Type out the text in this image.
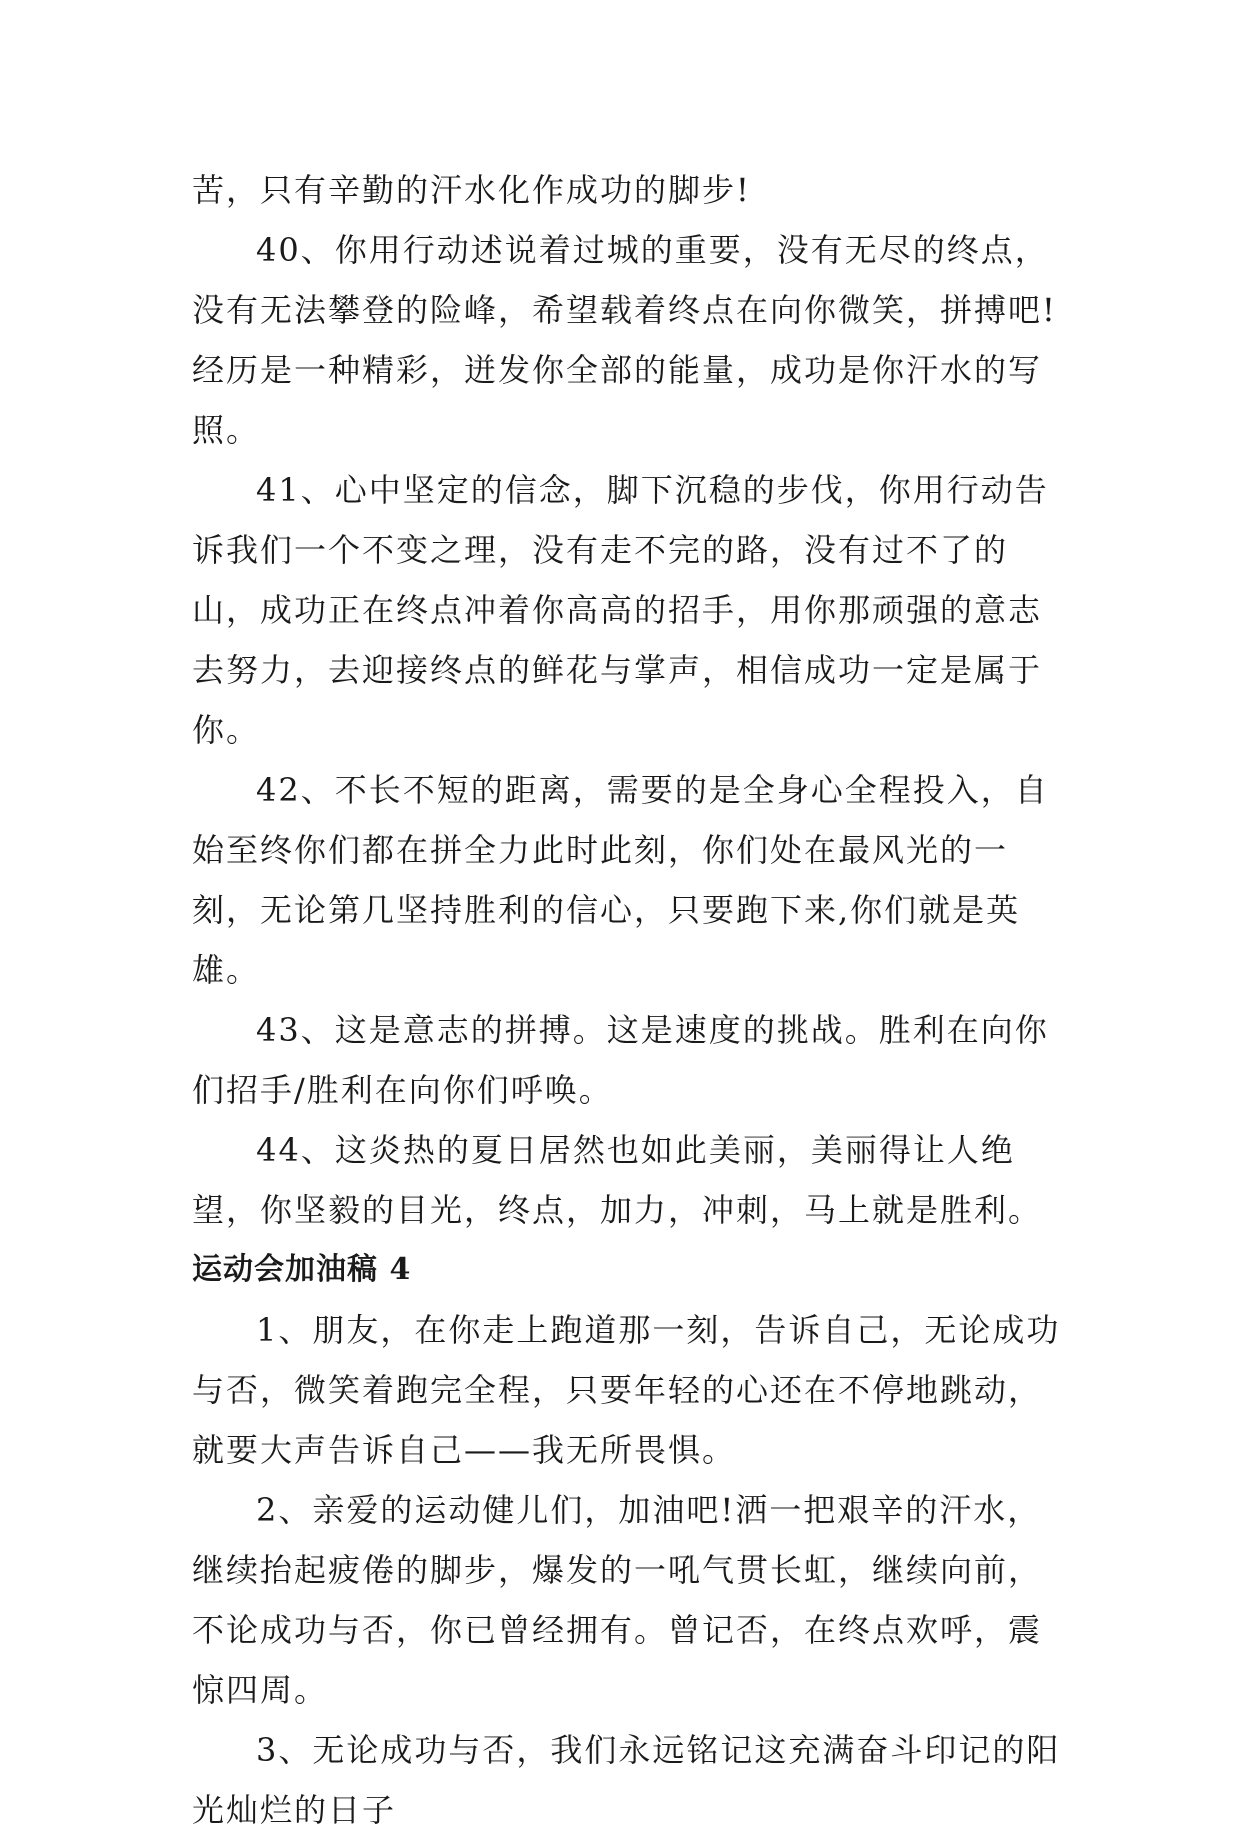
苦，只有辛勤的汗水化作成功的脚步!

40、你用行动述说着过城的重要，没有无尽的终点，没有无法攀登的险峰，希望载着终点在向你微笑，拼搏吧!经历是一种精彩，迸发你全部的能量，成功是你汗水的写照。

41、心中坚定的信念，脚下沉稳的步伐，你用行动告诉我们一个不变之理，没有走不完的路，没有过不了的山，成功正在终点冲着你高高的招手，用你那顽强的意志去努力，去迎接终点的鲜花与掌声，相信成功一定是属于你。

42、不长不短的距离，需要的是全身心全程投入，自始至终你们都在拼全力此时此刻，你们处在最风光的一刻，无论第几坚持胜利的信心，只要跑下来,你们就是英雄。

43、这是意志的拼搏。这是速度的挑战。胜利在向你们招手/胜利在向你们呼唤。

44、这炎热的夏日居然也如此美丽，美丽得让人绝望，你坚毅的目光，终点，加力，冲刺，马上就是胜利。

运动会加油稿 4

1、朋友，在你走上跑道那一刻，告诉自己，无论成功与否，微笑着跑完全程，只要年轻的心还在不停地跳动，就要大声告诉自己——我无所畏惧。

2、亲爱的运动健儿们，加油吧!洒一把艰辛的汗水，继续抬起疲倦的脚步，爆发的一吼气贯长虹，继续向前，不论成功与否，你已曾经拥有。曾记否，在终点欢呼，震惊四周。

3、无论成功与否，我们永远铭记这充满奋斗印记的阳光灿烂的日子
